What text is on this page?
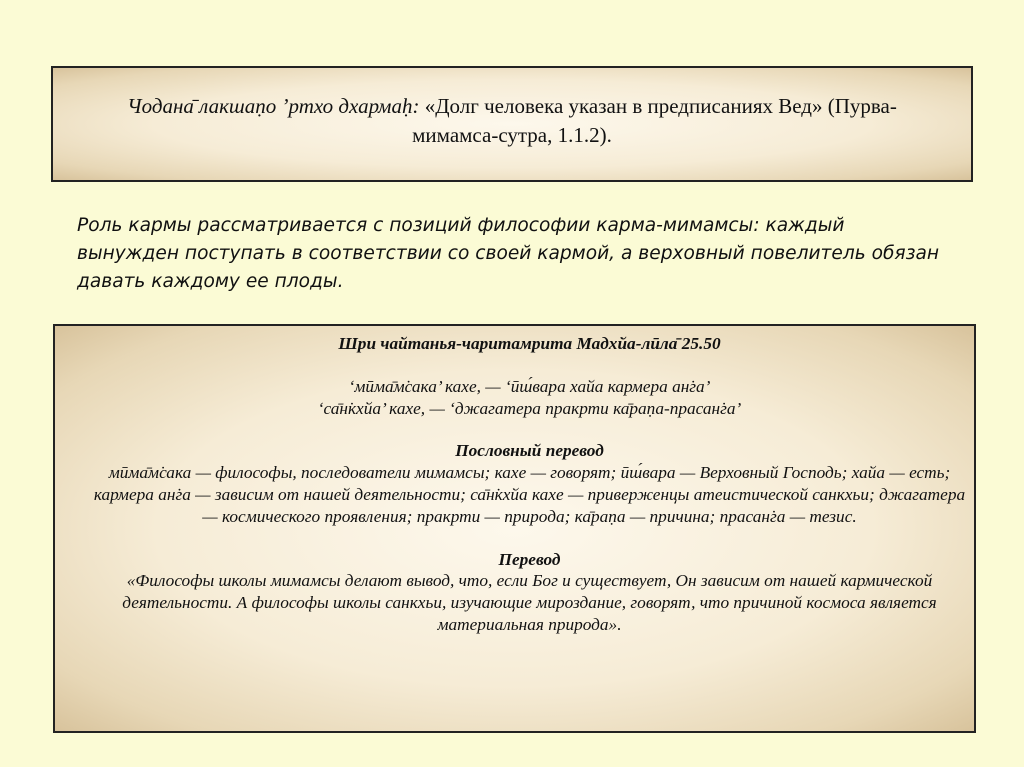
Чодана̄ лакшаṇо ’ртхо дхармаḥ: «Долг человека указан в предписаниях Вед» (Пурва-мимамса-сутра, 1.1.2).
Роль кармы рассматривается с позиций философии карма-мимамсы: каждый вынужден поступать в соответствии со своей кармой, а верховный повелитель обязан давать каждому ее плоды.
Шри чайтанья-чаритамрита Мадхйа-лӣла̄ 25.50
‘мӣма̄м̇сака’ кахе, — ‘ӣш́вара хайа кармера ан̇га’
‘са̄н̇кхйа’ кахе, — ‘джагатера пракрти ка̄раṇа-прасан̇га’
Пословный перевод
мӣма̄м̇сака — философы, последователи мимамсы; кахе — говорят; ӣш́вара — Верховный Господь; хайа — есть; кармера ан̇га — зависим от нашей деятельности; са̄н̇кхйа кахе — приверженцы атеистической санкхьи; джагатера — космического проявления; пракрти — природа; ка̄раṇа — причина; прасан̇га — тезис.
Перевод
«Философы школы мимамсы делают вывод, что, если Бог и существует, Он зависим от нашей кармической деятельности. А философы школы санкхьи, изучающие мироздание, говорят, что причиной космоса является материальная природа».
